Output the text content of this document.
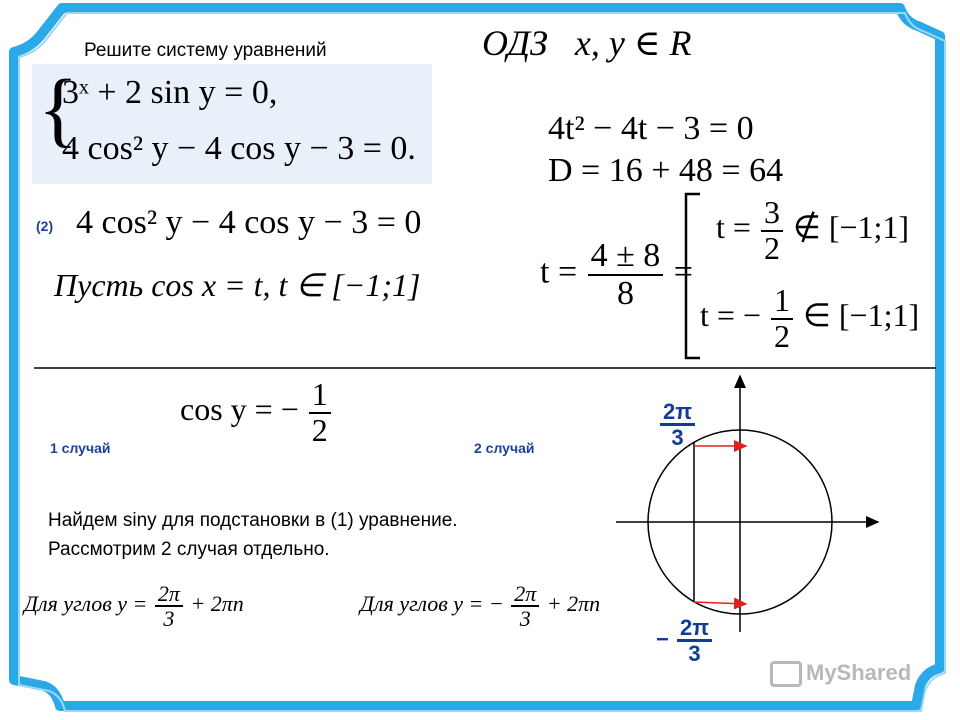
Решите систему уравнений	ОДЗ x, y ∈ R
{
3ˣ + 2 sin y = 0,
4 cos² y − 4 cos y − 3 = 0.
(2) 4 cos² y − 4 cos y − 3 = 0
Пусть cos x = t, t ∈ [−1;1]
4t² − 4t − 3 = 0
D = 16 + 48 = 64
$t = \frac{4 \pm 8}{8}$ =
$t = \frac{3}{2}$ ∉ [−1;1]
t = − $\frac{1}{2}$ ∈ [−1;1]
cos y = − $\frac{1}{2}$
1 случай	2 случай
Найдем siny для подстановки в (1) уравнение.
Рассмотрим 2 случая отдельно.
Для углов $y = \frac{2\pi}{3} + 2\pi n$	Для углов y = − $\frac{2\pi}{3} + 2\pi n$
$\frac{2\pi}{3}$
− $\frac{2\pi}{3}$
MyShared
